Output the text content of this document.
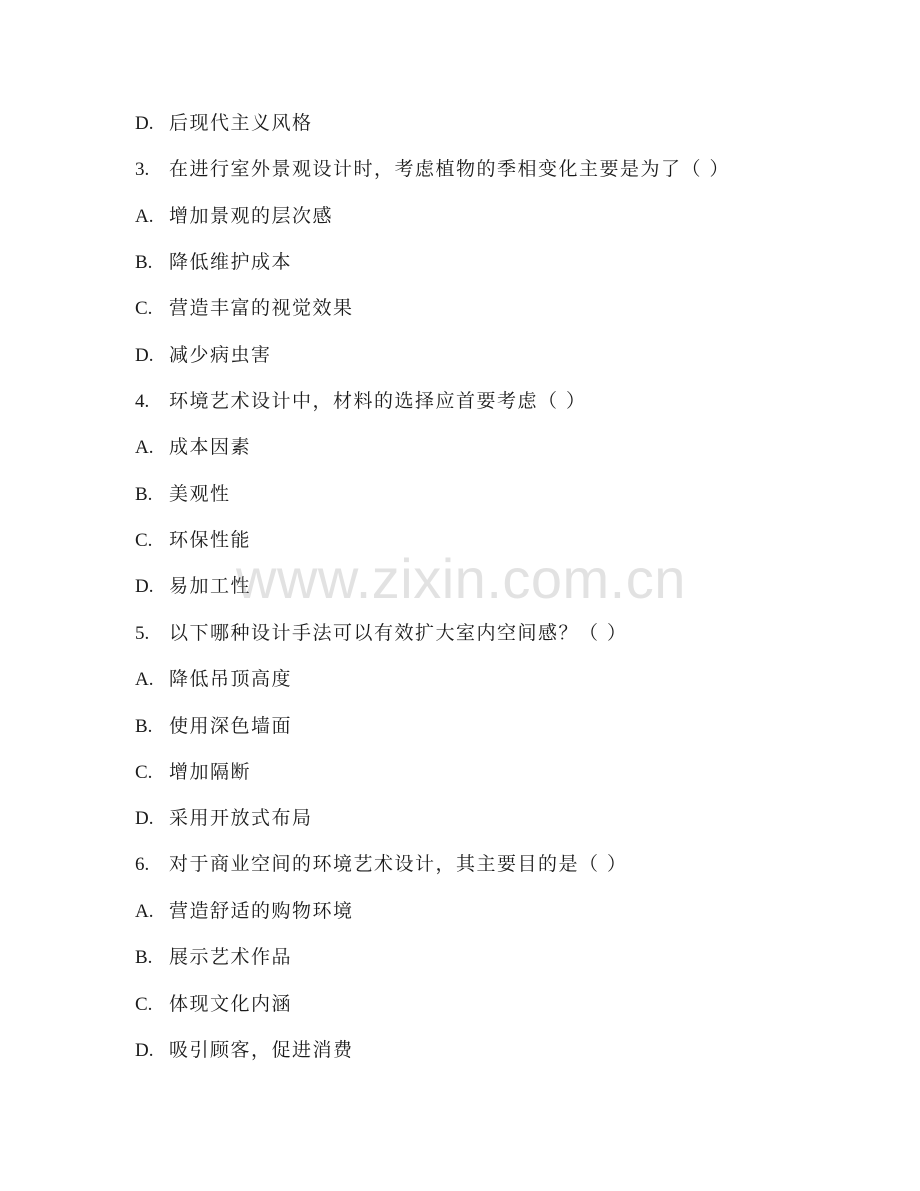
D. 后现代主义风格
3. 在进行室外景观设计时，考虑植物的季相变化主要是为了（ ）
A. 增加景观的层次感
B. 降低维护成本
C. 营造丰富的视觉效果
D. 减少病虫害
4. 环境艺术设计中，材料的选择应首要考虑（ ）
A. 成本因素
B. 美观性
C. 环保性能
D. 易加工性
5. 以下哪种设计手法可以有效扩大室内空间感？（ ）
A. 降低吊顶高度
B. 使用深色墙面
C. 增加隔断
D. 采用开放式布局
6. 对于商业空间的环境艺术设计，其主要目的是（ ）
A. 营造舒适的购物环境
B. 展示艺术作品
C. 体现文化内涵
D. 吸引顾客，促进消费
www.zixin.com.cn
